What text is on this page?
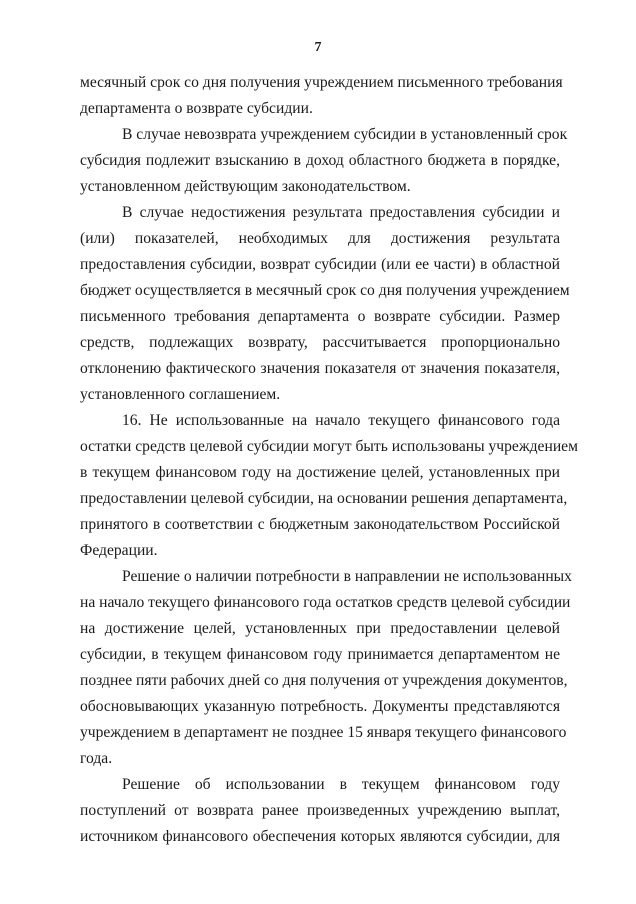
7
месячный срок со дня получения учреждением письменного требования
департамента о возврате субсидии.
В случае невозврата учреждением субсидии в установленный срок
субсидия подлежит взысканию в доход областного бюджета в порядке,
установленном действующим законодательством.
В случае недостижения результата предоставления субсидии и
(или) показателей, необходимых для достижения результата
предоставления субсидии, возврат субсидии (или ее части) в областной
бюджет осуществляется в месячный срок со дня получения учреждением
письменного требования департамента о возврате субсидии. Размер
средств, подлежащих возврату, рассчитывается пропорционально
отклонению фактического значения показателя от значения показателя,
установленного соглашением.
16. Не использованные на начало текущего финансового года
остатки средств целевой субсидии могут быть использованы учреждением
в текущем финансовом году на достижение целей, установленных при
предоставлении целевой субсидии, на основании решения департамента,
принятого в соответствии с бюджетным законодательством Российской
Федерации.
Решение о наличии потребности в направлении не использованных
на начало текущего финансового года остатков средств целевой субсидии
на достижение целей, установленных при предоставлении целевой
субсидии, в текущем финансовом году принимается департаментом не
позднее пяти рабочих дней со дня получения от учреждения документов,
обосновывающих указанную потребность. Документы представляются
учреждением в департамент не позднее 15 января текущего финансового
года.
Решение об использовании в текущем финансовом году
поступлений от возврата ранее произведенных учреждению выплат,
источником финансового обеспечения которых являются субсидии, для
